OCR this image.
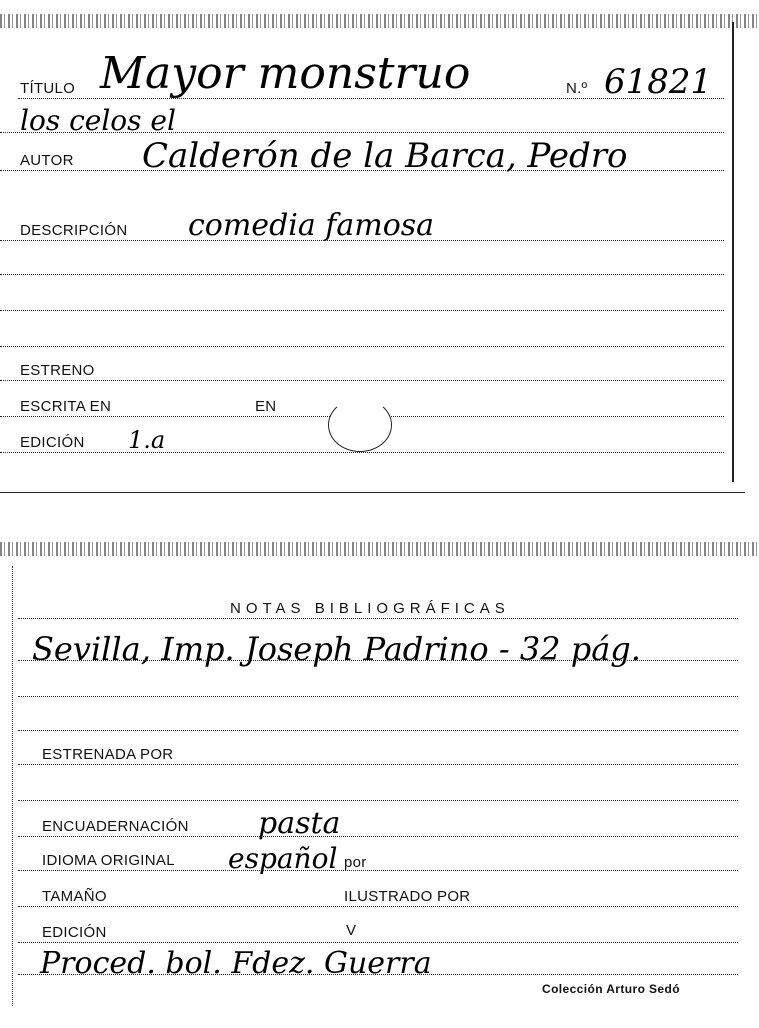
TÍTULO Mayor monstruo	N.º 61821
los celos el
AUTOR Calderón de la Barca, Pedro
DESCRIPCIÓN comedia famosa
ESTRENO
ESCRITA EN	EN
EDICIÓN 1.a
NOTAS BIBLIOGRÁFICAS
Sevilla, Imp. Joseph Padrino - 32 pág.
ESTRENADA POR
ENCUADERNACIÓN pasta
IDIOMA ORIGINAL español por
TAMAÑO	ILUSTRADO POR
EDICIÓN	V
Proced. bol. Fdez. Guerra
Colección Arturo Sedó
